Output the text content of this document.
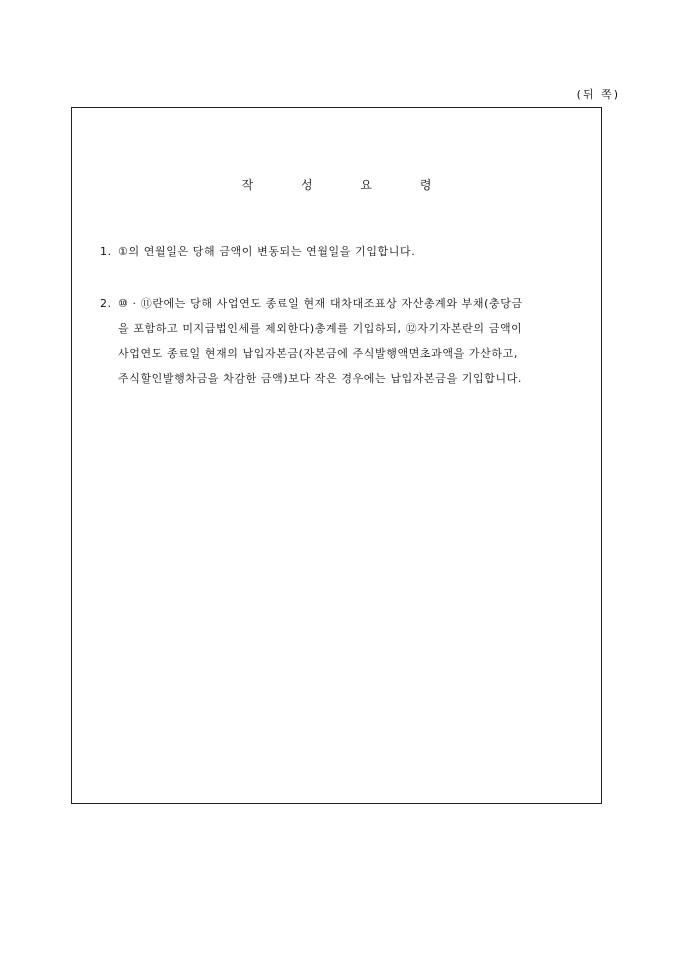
(뒤 쪽)
작 성 요 령
1. ①의 연월일은 당해 금액이 변동되는 연월일을 기입합니다.
2. ⑩ · ⑪란에는 당해 사업연도 종료일 현재 대차대조표상 자산총계와 부채(충당금
을 포함하고 미지급법인세를 제외한다)총계를 기입하되, ⑫자기자본란의 금액이
사업연도 종료일 현재의 납입자본금(자본금에 주식발행액면초과액을 가산하고,
주식할인발행차금을 차감한 금액)보다 작은 경우에는 납입자본금을 기입합니다.
